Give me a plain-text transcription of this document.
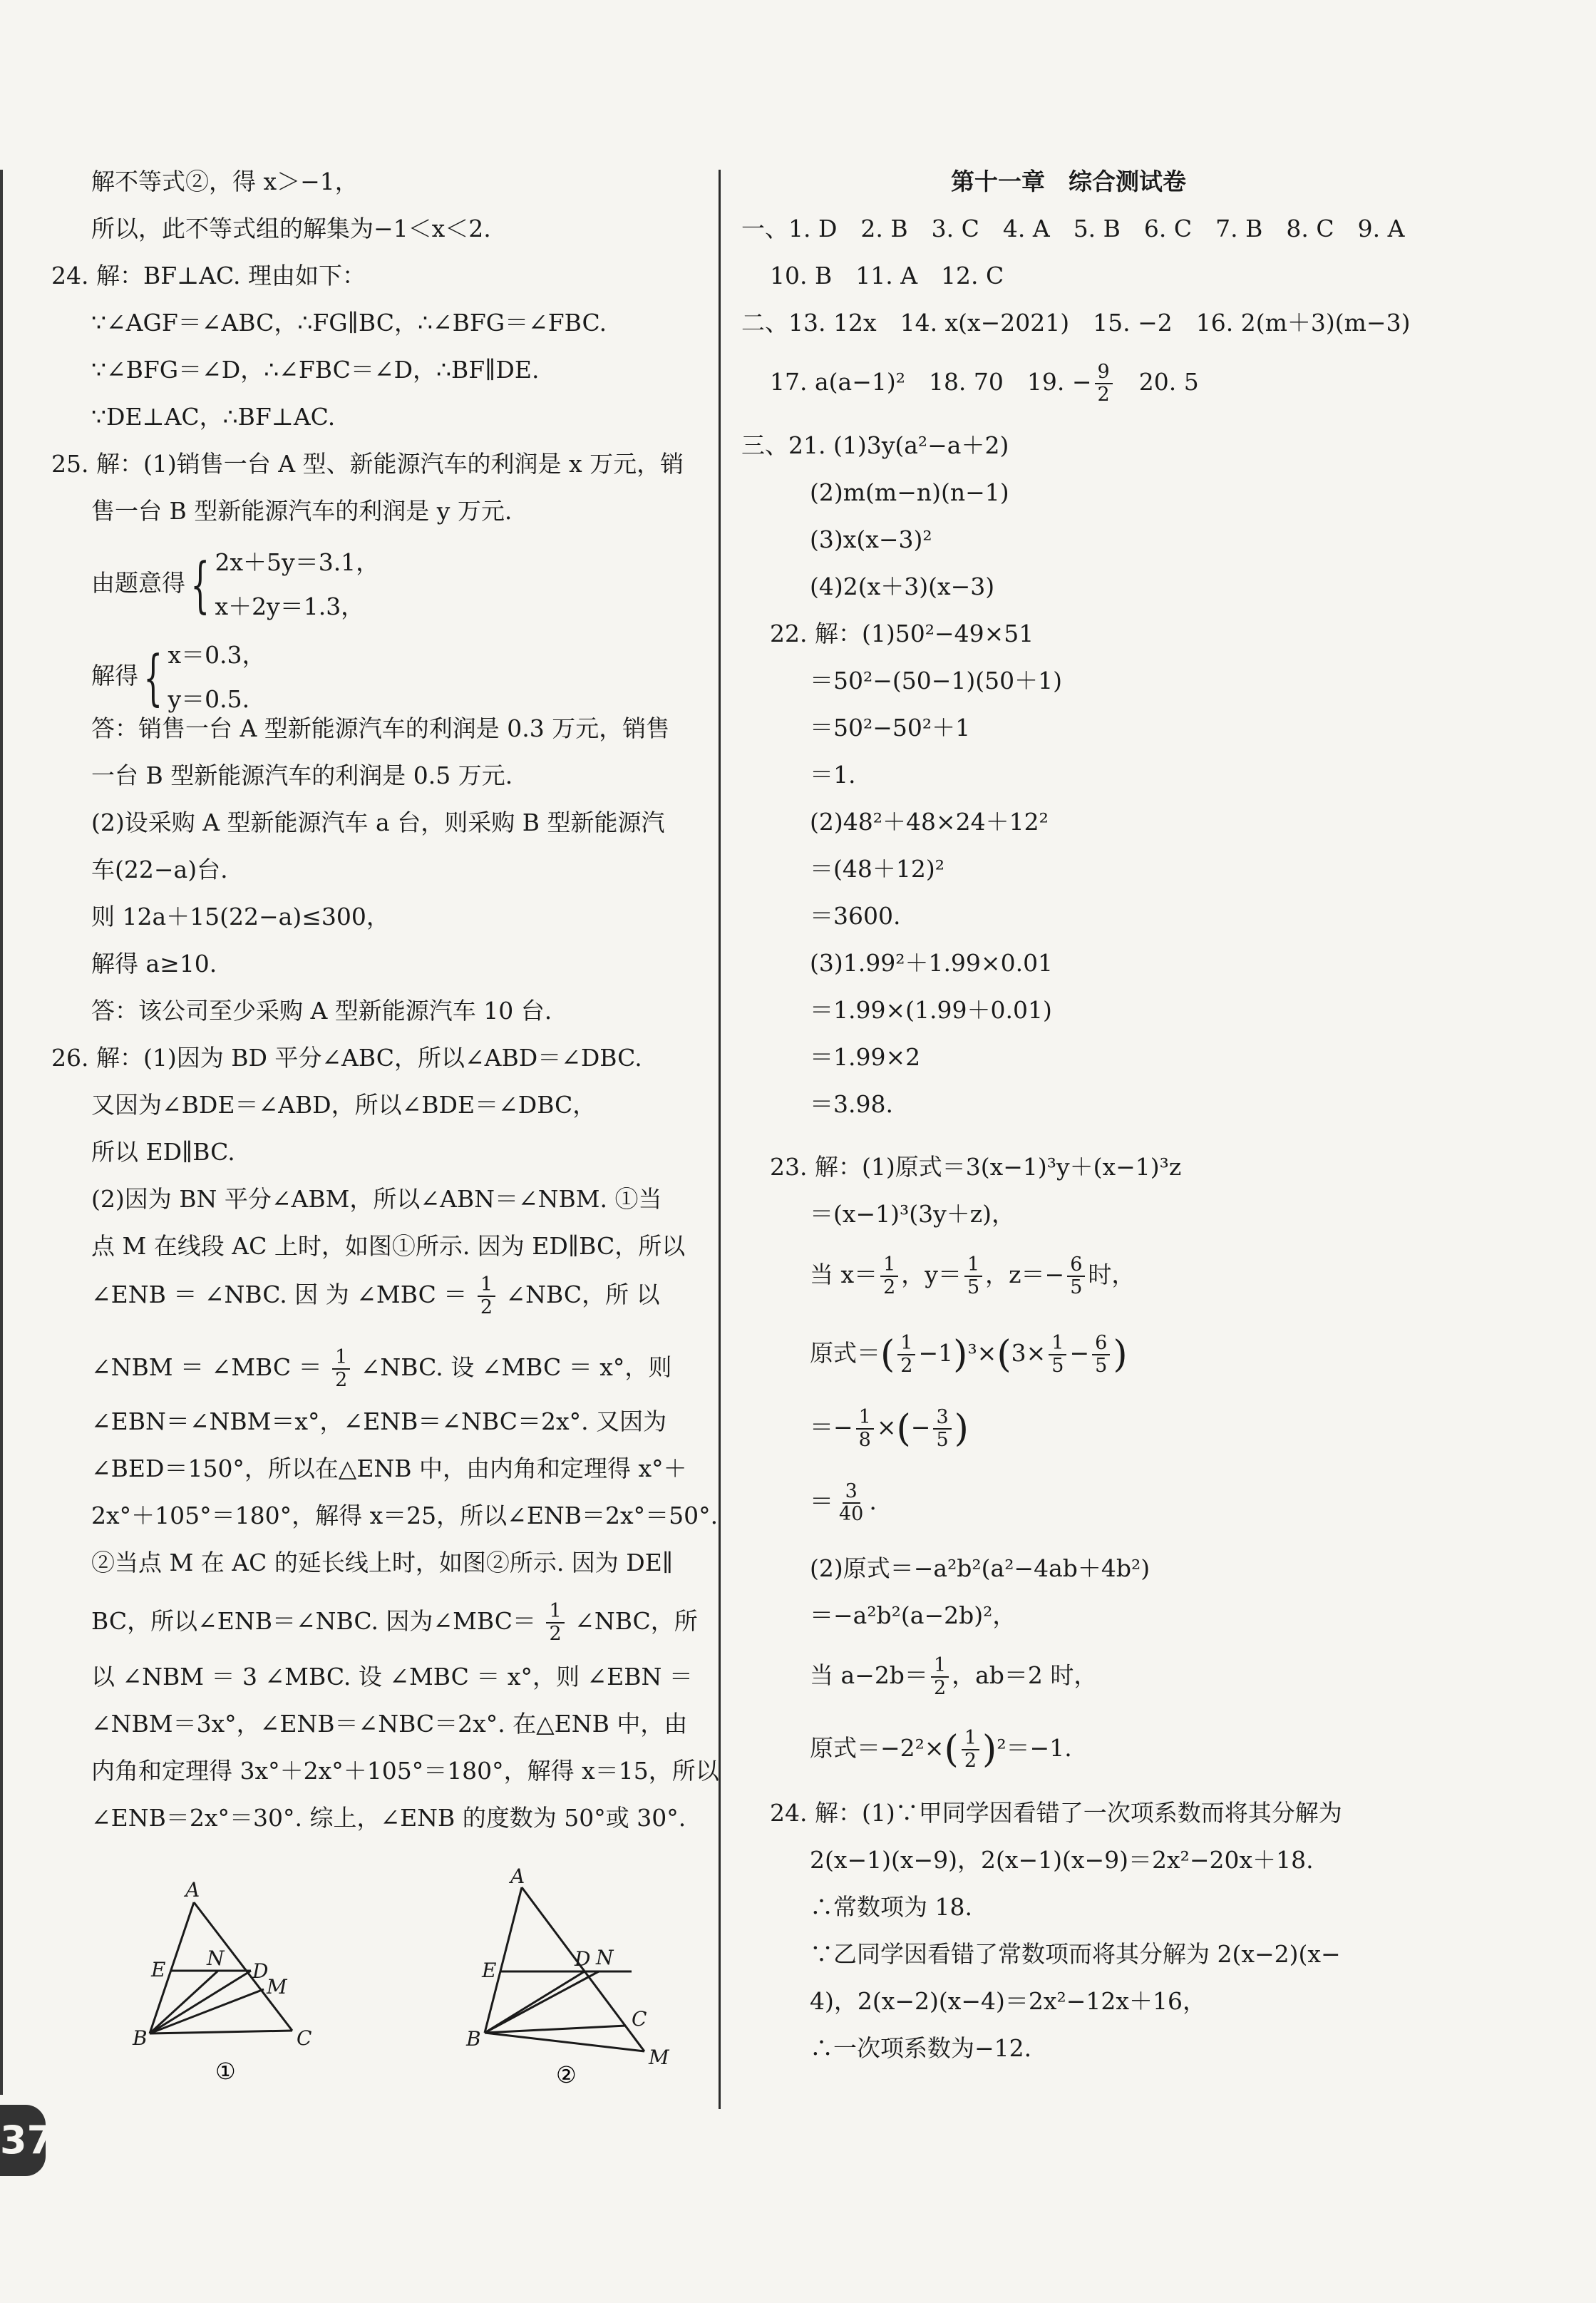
解不等式②，得 x＞−1，
所以，此不等式组的解集为−1＜x＜2.
24. 解：BF⊥AC. 理由如下：
∵∠AGF＝∠ABC，∴FG∥BC，∴∠BFG＝∠FBC.
∵∠BFG＝∠D，∴∠FBC＝∠D，∴BF∥DE.
∵DE⊥AC，∴BF⊥AC.
25. 解：(1)销售一台 A 型、新能源汽车的利润是 x 万元，销
售一台 B 型新能源汽车的利润是 y 万元.
由题意得{ 2x＋5y＝3.1，
x＋2y＝1.3，
解得{ x＝0.3，
y＝0.5.
答：销售一台 A 型新能源汽车的利润是 0.3 万元，销售
一台 B 型新能源汽车的利润是 0.5 万元.
(2)设采购 A 型新能源汽车 a 台，则采购 B 型新能源汽
车(22−a)台.
则 12a＋15(22−a)≤300，
解得 a≥10.
答：该公司至少采购 A 型新能源汽车 10 台.
26. 解：(1)因为 BD 平分∠ABC，所以∠ABD＝∠DBC.
又因为∠BDE＝∠ABD，所以∠BDE＝∠DBC，
所以 ED∥BC.
(2)因为 BN 平分∠ABM，所以∠ABN＝∠NBM. ①当
点 M 在线段 AC 上时，如图①所示. 因为 ED∥BC，所以
∠ENB ＝ ∠NBC. 因 为 ∠MBC ＝ $\frac{1}{2}$ ∠NBC，所 以
∠NBM ＝ ∠MBC ＝ $\frac{1}{2}$ ∠NBC. 设 ∠MBC ＝ x°，则
∠EBN＝∠NBM＝x°，∠ENB＝∠NBC＝2x°. 又因为
∠BED＝150°，所以在△ENB 中，由内角和定理得 x°＋
2x°＋105°＝180°，解得 x＝25，所以∠ENB＝2x°＝50°.
②当点 M 在 AC 的延长线上时，如图②所示. 因为 DE∥
BC，所以∠ENB＝∠NBC. 因为∠MBC＝ $\frac{1}{2}$ ∠NBC，所
以 ∠NBM ＝ 3 ∠MBC. 设 ∠MBC ＝ x°，则 ∠EBN ＝
∠NBM＝3x°，∠ENB＝∠NBC＝2x°. 在△ENB 中，由
内角和定理得 3x°＋2x°＋105°＝180°，解得 x＝15，所以
∠ENB＝2x°＝30°. 综上，∠ENB 的度数为 50°或 30°.
A
E N
D
M
B	C
①
A
E	D N
B
C
M
②
第十一章　综合测试卷
一、1. D　2. B　3. C　4. A　5. B　6. C　7. B　8. C　9. A
10. B　11. A　12. C
二、13. 12x　14. x(x−2021)　15. −2　16. 2(m＋3)(m−3)
17. a(a−1)²　18. 70　19. − $\frac{9}{2}$ 　20. 5
三、21. (1)3y(a²−a＋2)
(2)m(m−n)(n−1)
(3)x(x−3)²
(4)2(x＋3)(x−3)
22. 解：(1)50²−49×51
＝50²−(50−1)(50＋1)
＝50²−50²＋1
＝1.
(2)48²＋48×24＋12²
＝(48＋12)²
＝3600.
(3)1.99²＋1.99×0.01
＝1.99×(1.99＋0.01)
＝1.99×2
＝3.98.
23. 解：(1)原式＝3(x−1)³y＋(x−1)³z
＝(x−1)³(3y＋z)，
当 $x= \frac{1}{2}$ ，$y= \frac{1}{5}$ ，$z=- \frac{6}{5}$ 时，
原式＝( $\frac{1}{2} -1)^3\times(3\times \frac{1}{5} - \frac{6}{5}$ )
＝− $\frac{1}{8}$ ×(− $\frac{3}{5}$ )
＝ $\frac{3}{40}$ .
(2)原式＝−a²b²(a²−4ab＋4b²)
＝−a²b²(a−2b)²，
当 $a-2b= \frac{1}{2}$ ，ab＝2 时，
原式$=-2^2\times( \frac{1}{2} )^2=-1$.
24. 解：(1)∵甲同学因看错了一次项系数而将其分解为
2(x−1)(x−9)，2(x−1)(x−9)＝2x²−20x＋18.
∴常数项为 18.
∵乙同学因看错了常数项而将其分解为 2(x−2)(x−
4)，2(x−2)(x−4)＝2x²−12x＋16，
∴一次项系数为−12.
37
